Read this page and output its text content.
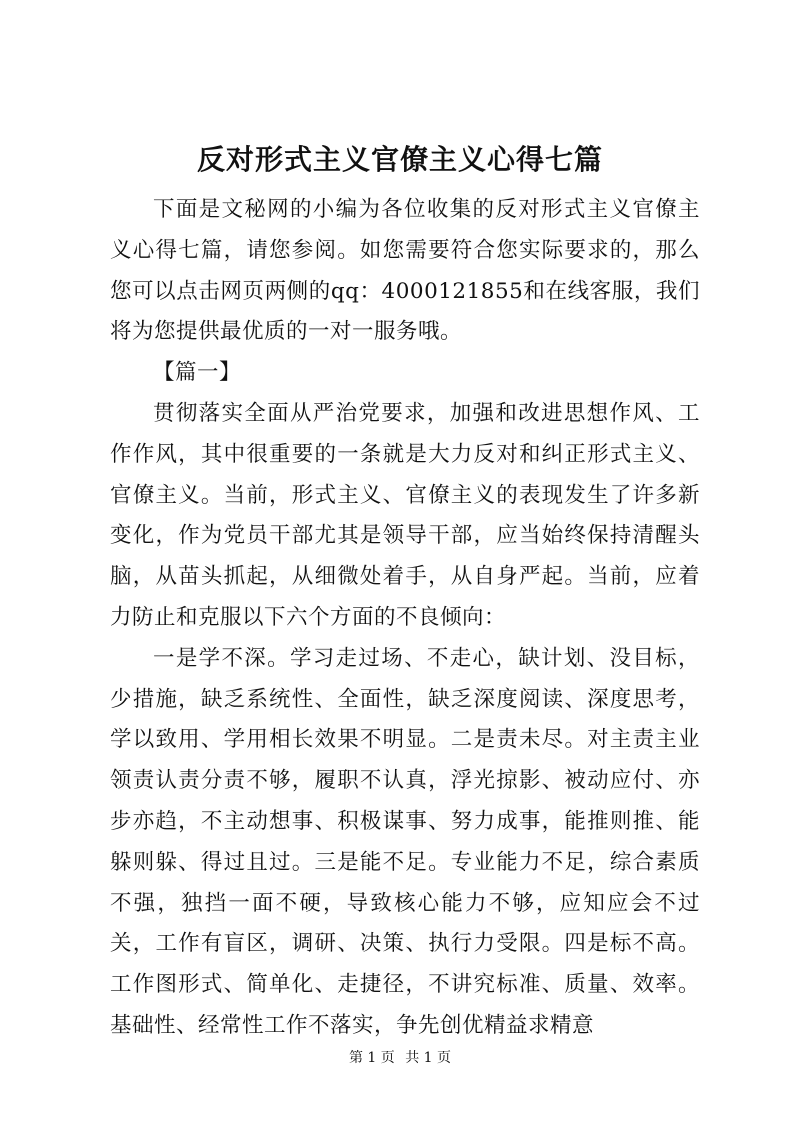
反对形式主义官僚主义心得七篇

下面是文秘网的小编为各位收集的反对形式主义官僚主义心得七篇，请您参阅。如您需要符合您实际要求的，那么您可以点击网页两侧的qq：4000121855和在线客服，我们将为您提供最优质的一对一服务哦。

【篇一】

贯彻落实全面从严治党要求，加强和改进思想作风、工作作风，其中很重要的一条就是大力反对和纠正形式主义、官僚主义。当前，形式主义、官僚主义的表现发生了许多新变化，作为党员干部尤其是领导干部，应当始终保持清醒头脑，从苗头抓起，从细微处着手，从自身严起。当前，应着力防止和克服以下六个方面的不良倾向：

一是学不深。学习走过场、不走心，缺计划、没目标，少措施，缺乏系统性、全面性，缺乏深度阅读、深度思考，学以致用、学用相长效果不明显。二是责未尽。对主责主业领责认责分责不够，履职不认真，浮光掠影、被动应付、亦步亦趋，不主动想事、积极谋事、努力成事，能推则推、能躲则躲、得过且过。三是能不足。专业能力不足，综合素质不强，独挡一面不硬，导致核心能力不够，应知应会不过关，工作有盲区，调研、决策、执行力受限。四是标不高。工作图形式、简单化、走捷径，不讲究标准、质量、效率。基础性、经常性工作不落实，争先创优精益求精意

第 1 页 共 1 页
